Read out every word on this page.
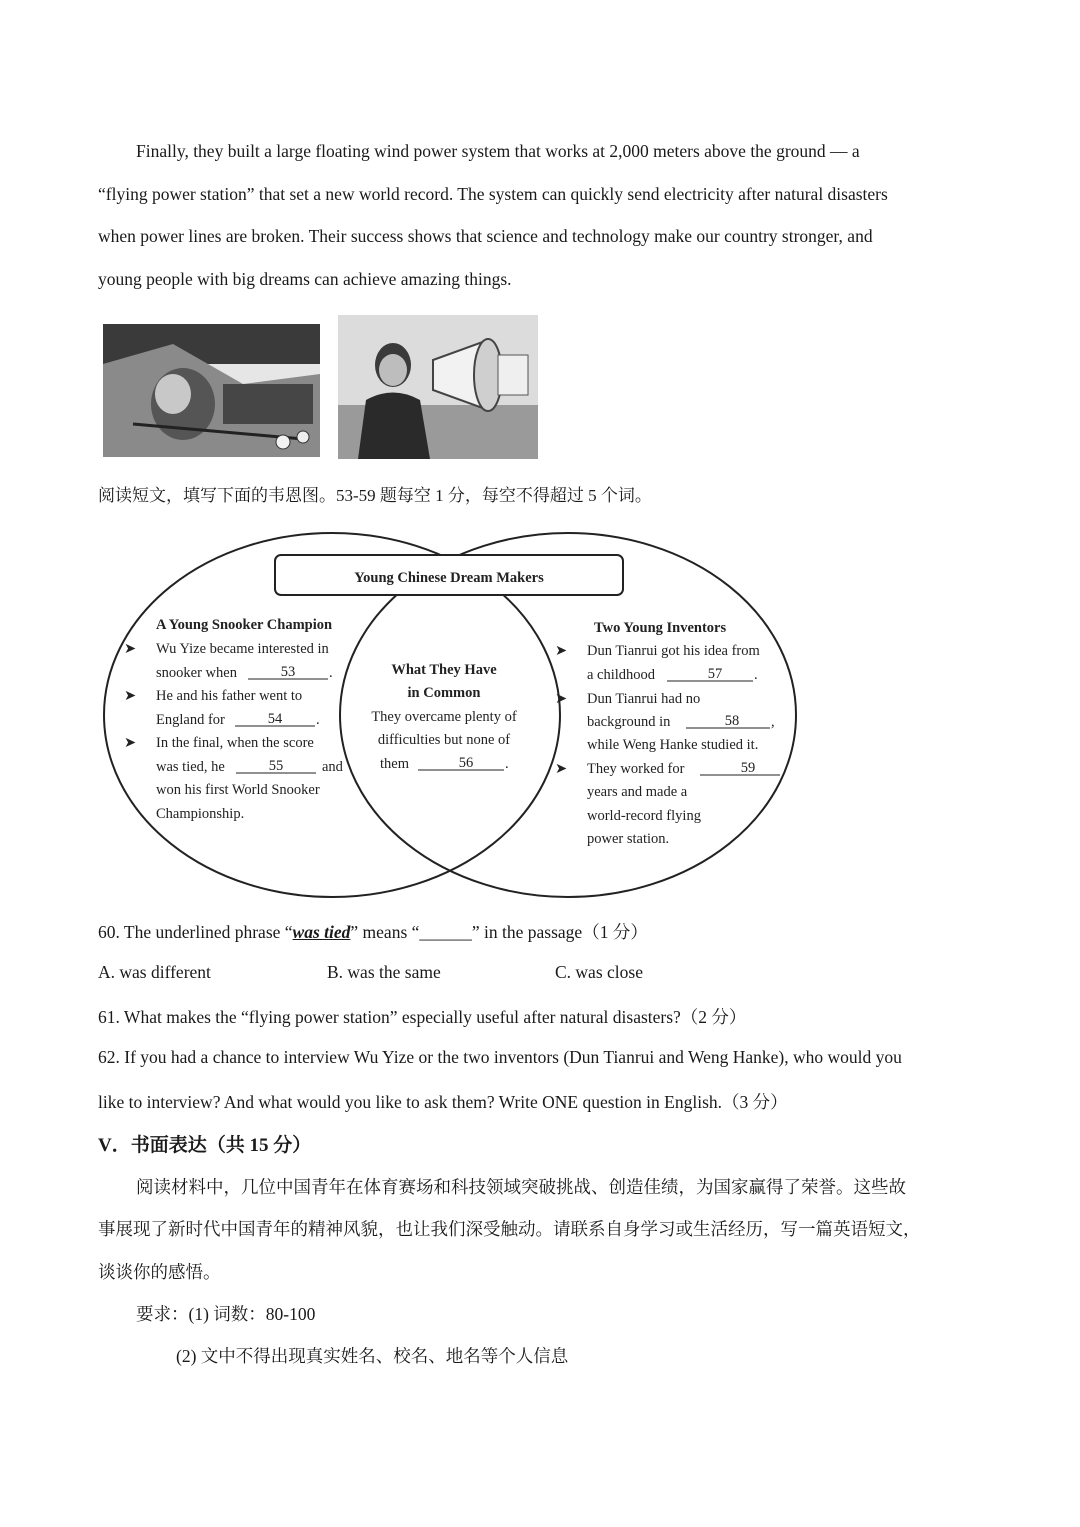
Finally, they built a large floating wind power system that works at 2,000 meters above the ground — a
“flying power station” that set a new world record. The system can quickly send electricity after natural disasters
when power lines are broken. Their success shows that science and technology make our country stronger, and
young people with big dreams can achieve amazing things.
阅读短文，填写下面的韦恩图。53-59 题每空 1 分，每空不得超过 5 个词。
Young Chinese Dream Makers
A Young Snooker Champion
➤ Wu Yize became interested in
snooker when	53 .
➤ He and his father went to
England for	54 .
➤ In the final, when the score
was tied, he	55	and
won his first World Snooker
Championship.
What They Have
in Common
They overcame plenty of
difficulties but none of
them	56 .
Two Young Inventors
➤ Dun Tianrui got his idea from
a childhood	57 .
➤ Dun Tianrui had no
background in	58 ,
while Weng Hanke studied it.
➤ They worked for	59
years and made a
world-record flying
power station.
60. The underlined phrase “was tied” means “______” in the passage（1 分）
A. was different	B. was the same	C. was close
61. What makes the “flying power station” especially useful after natural disasters?（2 分）
62. If you had a chance to interview Wu Yize or the two inventors (Dun Tianrui and Weng Hanke), who would you
like to interview? And what would you like to ask them? Write ONE question in English.（3 分）
V．书面表达（共 15 分）
阅读材料中，几位中国青年在体育赛场和科技领域突破挑战、创造佳绩，为国家赢得了荣誉。这些故
事展现了新时代中国青年的精神风貌，也让我们深受触动。请联系自身学习或生活经历，写一篇英语短文，
谈谈你的感悟。
要求：(1) 词数：80-100
(2) 文中不得出现真实姓名、校名、地名等个人信息
